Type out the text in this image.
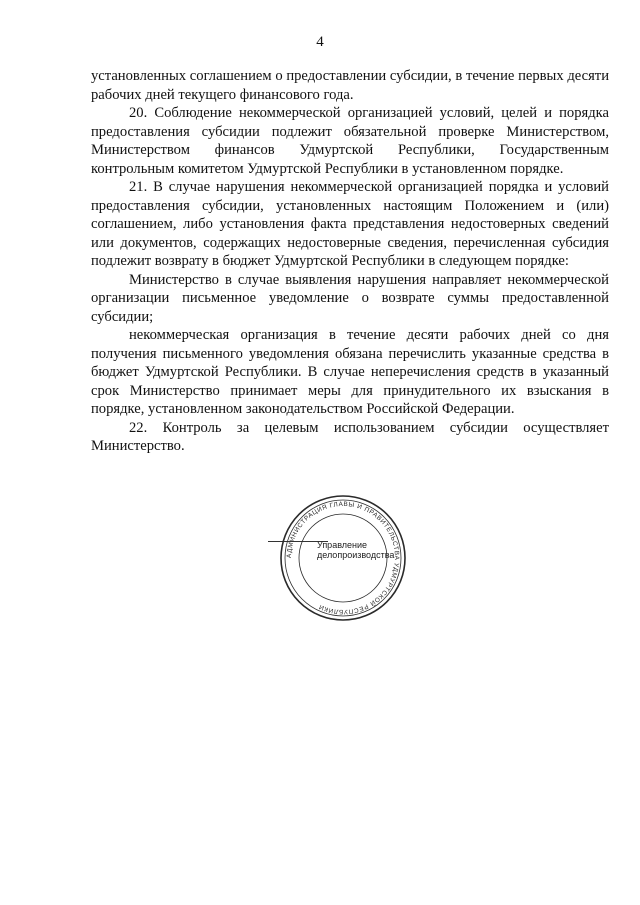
4

установленных соглашением о предоставлении субсидии, в течение первых десяти рабочих дней текущего финансового года.

20. Соблюдение некоммерческой организацией условий, целей и порядка предоставления субсидии подлежит обязательной проверке Министерством, Министерством финансов Удмуртской Республики, Государственным контрольным комитетом Удмуртской Республики в установленном порядке.

21. В случае нарушения некоммерческой организацией порядка и условий предоставления субсидии, установленных настоящим Положением и (или) соглашением, либо установления факта представления недостоверных сведений или документов, содержащих недостоверные сведения, перечисленная субсидия подлежит возврату в бюджет Удмуртской Республики в следующем порядке:

Министерство в случае выявления нарушения направляет некоммерческой организации письменное уведомление о возврате суммы предоставленной субсидии;

некоммерческая организация в течение десяти рабочих дней со дня получения письменного уведомления обязана перечислить указанные средства в бюджет Удмуртской Республики. В случае неперечисления средств в указанный срок Министерство принимает меры для принудительного их взыскания в порядке, установленном законодательством Российской Федерации.

22. Контроль за целевым использованием субсидии осуществляет Министерство.

АДМИНИСТРАЦИЯ ГЛАВЫ И ПРАВИТЕЛЬСТВА УДМУРТСКОЙ РЕСПУБЛИКИ
Управление
делопроизводства
